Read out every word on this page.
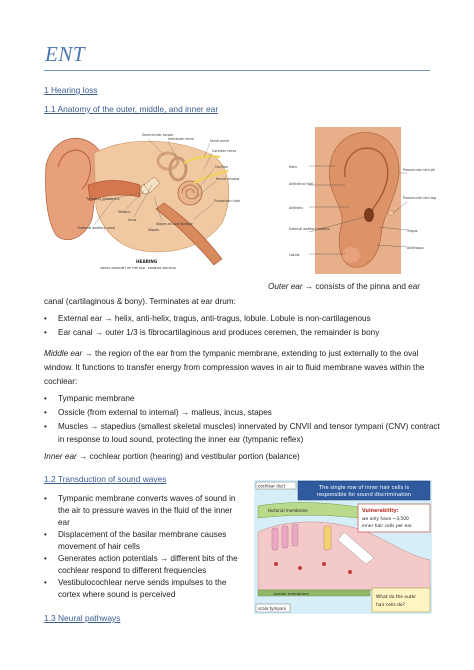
ENT
1 Hearing loss
1.1 Anatomy of the outer, middle, and inner ear
Semicircular canals
Vestibular nerve	Facial nerve
Cochlear nerve
Cochlea
Round window
Eustachian tube
Tympanic membrane
Stapes on oval window
External auditory canal
Malleus
Incus
Stapes
HEARING
CROSS ANATOMY OF THE EAR · FRONTAL SECTION
Helix
Antihelical fold
Antihelix
External auditory meatus
Lobule
Preauricular skin pit
Preauricular skin tag
Tragus
Antitragus
Outer ear → consists of the pinna and ear
canal (cartilaginous & bony). Terminates at ear drum:
• External ear → helix, anti-helix, tragus, anti-tragus, lobule. Lobule is non-cartilagenous
• Ear canal → outer 1/3 is fibrocartilaginous and produces ceremen, the remainder is bony
Middle ear → the region of the ear from the tympanic membrane, extending to just externally to the oval
window. It functions to transfer energy from compression waves in air to fluid membrane waves within the
cochlear:
• Tympanic membrane
• Ossicle (from external to internal) → malleus, incus, stapes
• Muscles → stapedius (smallest skeletal muscles) innervated by CNVII and tensor tympani (CNV) contract
in response to loud sound, protecting the inner ear (tympanic reflex)
Inner ear → cochlear portion (hearing) and vestibular portion (balance)
1.2 Transduction of sound waves
• Tympanic membrane converts waves of sound in
the air to pressure waves in the fluid of the inner
ear
• Displacement of the basilar membrane causes
movement of hair cells
• Generates action potentials → different bits of the
cochlear respond to different frequencies
• Vestibulocochlear nerve sends impulses to the
cortex where sound is perceived
1.3 Neural pathways
The single row of inner hair cells is
responsible for sound discrimination
cochlear duct
tectorial membrane	Vulnerability:
we only have ~3,500
inner hair cells per ear.
What do the outer
hair cells do?
basilar membrane
scala tympani
